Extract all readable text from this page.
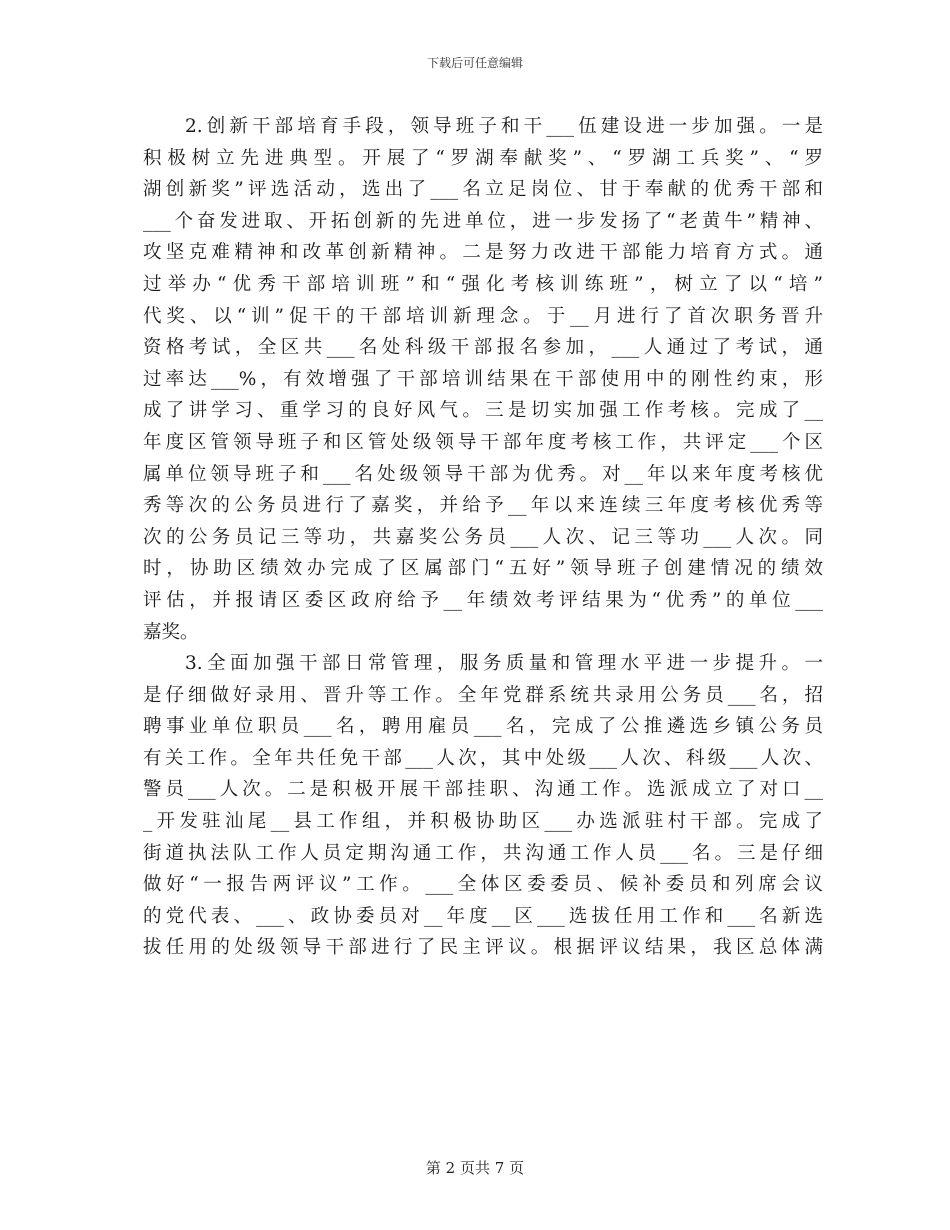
下载后可任意编辑
2.创新干部培育手段，领导班子和干___伍建设进一步加强。一是
积极树立先进典型。开展了“罗湖奉献奖”、“罗湖工兵奖”、“罗
湖创新奖”评选活动，选出了___名立足岗位、甘于奉献的优秀干部和
___个奋发进取、开拓创新的先进单位，进一步发扬了“老黄牛”精神、
攻坚克难精神和改革创新精神。二是努力改进干部能力培育方式。通
过举办“优秀干部培训班”和“强化考核训练班”，树立了以“培”
代奖、以“训”促干的干部培训新理念。于__月进行了首次职务晋升
资格考试，全区共___名处科级干部报名参加，___人通过了考试，通
过率达___%，有效增强了干部培训结果在干部使用中的刚性约束，形
成了讲学习、重学习的良好风气。三是切实加强工作考核。完成了__
年度区管领导班子和区管处级领导干部年度考核工作，共评定___个区
属单位领导班子和___名处级领导干部为优秀。对__年以来年度考核优
秀等次的公务员进行了嘉奖，并给予__年以来连续三年度考核优秀等
次的公务员记三等功，共嘉奖公务员___人次、记三等功___人次。同
时，协助区绩效办完成了区属部门“五好”领导班子创建情况的绩效
评估，并报请区委区政府给予__年绩效考评结果为“优秀”的单位___
嘉奖。
3.全面加强干部日常管理，服务质量和管理水平进一步提升。一
是仔细做好录用、晋升等工作。全年党群系统共录用公务员___名，招
聘事业单位职员___名，聘用雇员___名，完成了公推遴选乡镇公务员
有关工作。全年共任免干部___人次，其中处级___人次、科级___人次、
警员___人次。二是积极开展干部挂职、沟通工作。选派成立了对口__
_开发驻汕尾__县工作组，并积极协助区___办选派驻村干部。完成了
街道执法队工作人员定期沟通工作，共沟通工作人员___名。三是仔细
做好“一报告两评议”工作。___全体区委委员、候补委员和列席会议
的党代表、___、政协委员对__年度__区___选拔任用工作和___名新选
拔任用的处级领导干部进行了民主评议。根据评议结果，我区总体满
第 2 页共 7 页
